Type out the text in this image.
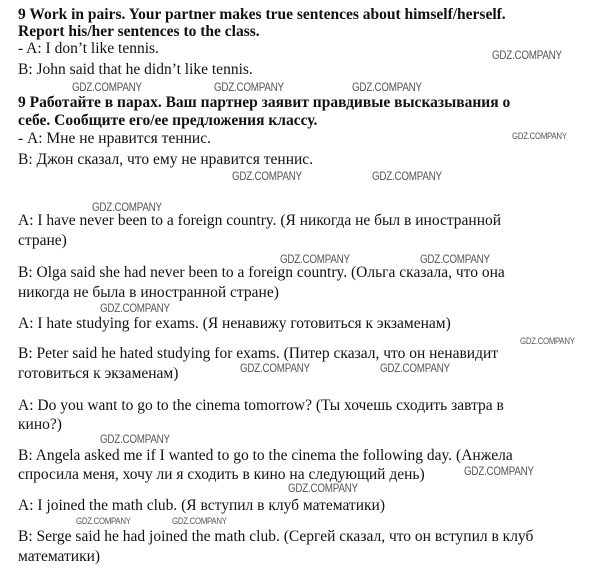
9 Work in pairs. Your partner makes true sentences about himself/herself.
Report his/her sentences to the class.
- A: I don’t like tennis.
B: John said that he didn’t like tennis.
9 Работайте в парах. Ваш партнер заявит правдивые высказывания о
себе. Сообщите его/ее предложения классу.
- А: Мне не нравится теннис.
В: Джон сказал, что ему не нравится теннис.
A: I have never been to a foreign country. (Я никогда не был в иностранной
стране)
B: Olga said she had never been to a foreign country. (Ольга сказала, что она
никогда не была в иностранной стране)
A: I hate studying for exams. (Я ненавижу готовиться к экзаменам)
B: Peter said he hated studying for exams. (Питер сказал, что он ненавидит
готовиться к экзаменам)
A: Do you want to go to the cinema tomorrow? (Ты хочешь сходить завтра в
кино?)
B: Angela asked me if I wanted to go to the cinema the following day. (Анжела
спросила меня, хочу ли я сходить в кино на следующий день)
A: I joined the math club. (Я вступил в клуб математики)
B: Serge said he had joined the math club. (Сергей сказал, что он вступил в клуб
математики)
GDZ.COMPANY
GDZ.COMPANY	GDZ.COMPANY	GDZ.COMPANY
GDZ.COMPANY
GDZ.COMPANY	GDZ.COMPANY
GDZ.COMPANY
GDZ.COMPANY	GDZ.COMPANY
GDZ.COMPANY
GDZ.COMPANY
GDZ.COMPANY	GDZ.COMPANY
GDZ.COMPANY
GDZ.COMPANY
GDZ.COMPANY
GDZ.COMPANY	GDZ.COMPANY
